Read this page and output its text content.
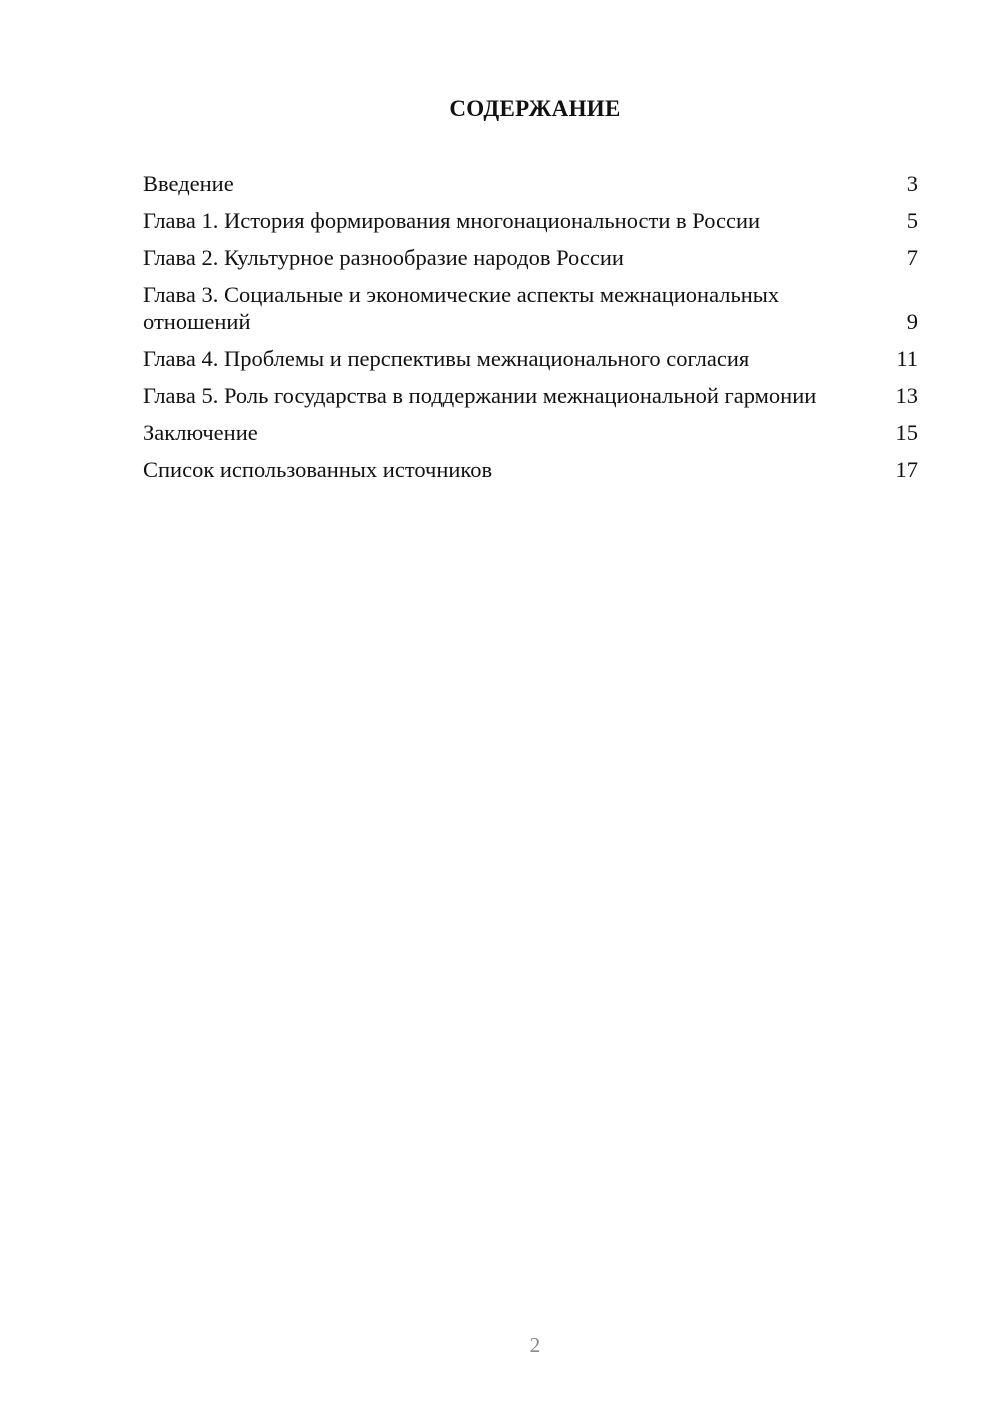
СОДЕРЖАНИЕ
Введение	3
Глава 1. История формирования многонациональности в России	5
Глава 2. Культурное разнообразие народов России	7
Глава 3. Социальные и экономические аспекты межнациональных отношений	9
Глава 4. Проблемы и перспективы межнационального согласия	11
Глава 5. Роль государства в поддержании межнациональной гармонии	13
Заключение	15
Список использованных источников	17
2
